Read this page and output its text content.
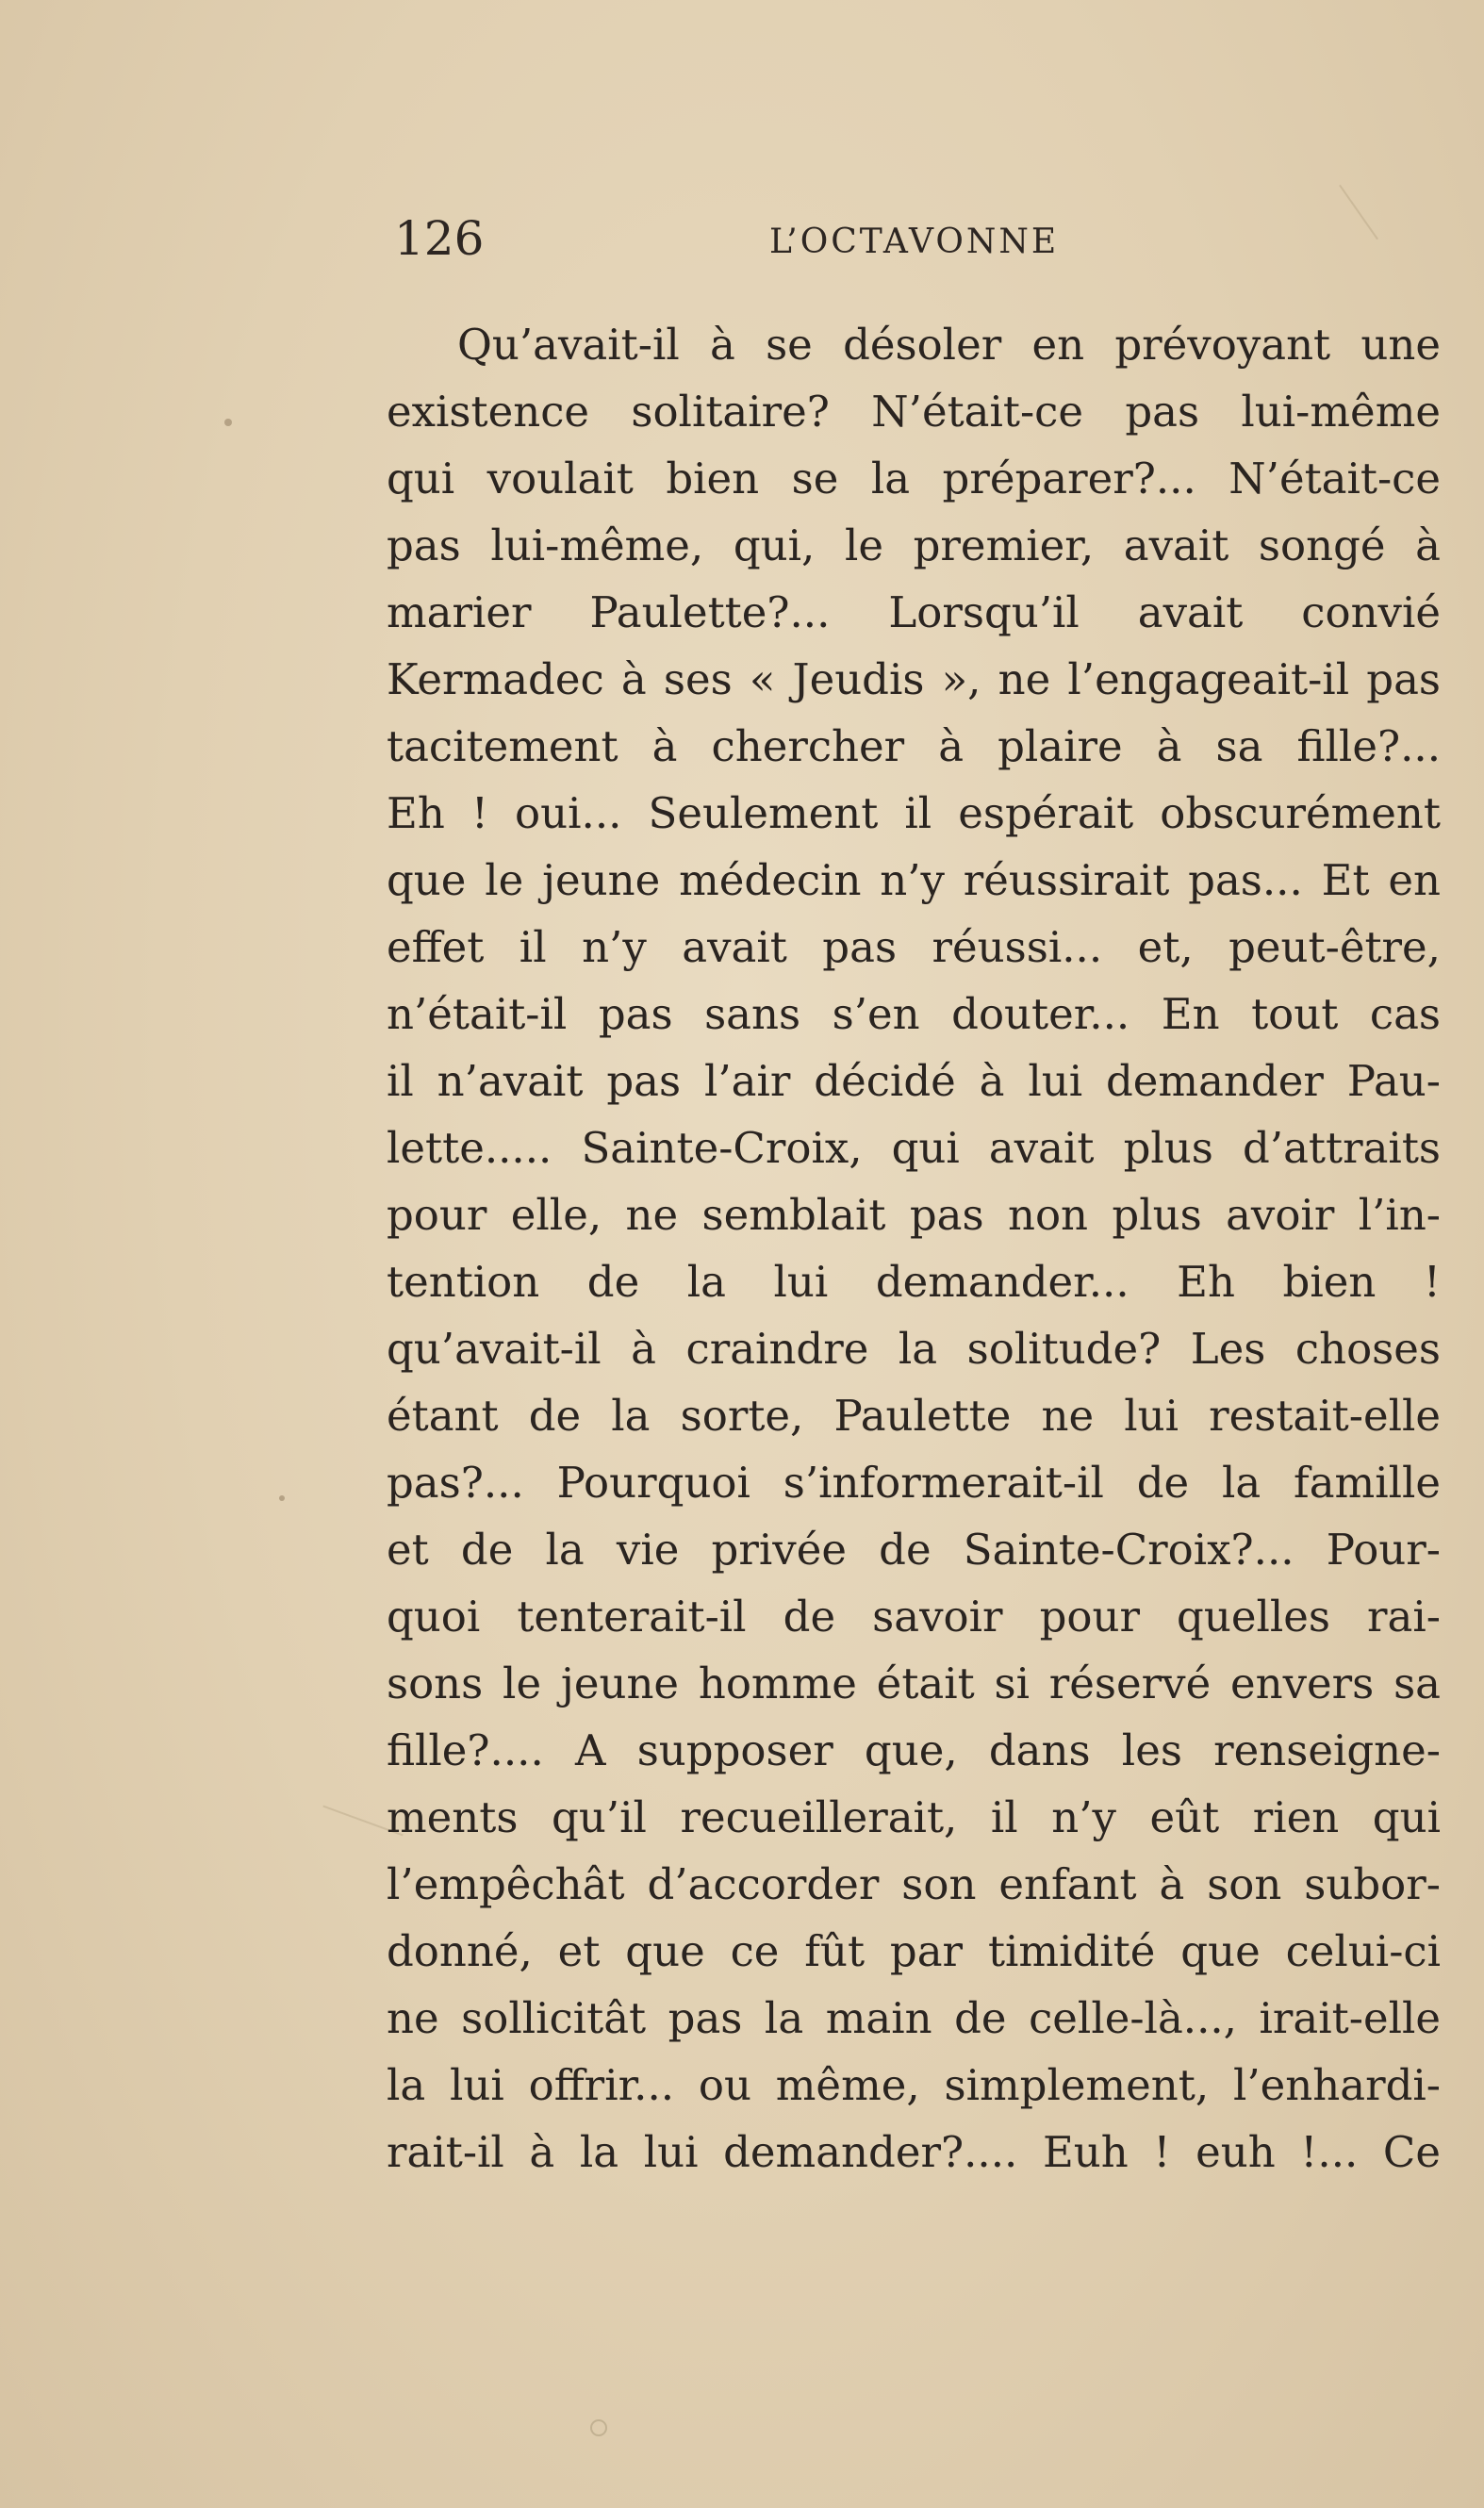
126	L’OCTAVONNE
Qu’avait-il à se désoler en prévoyant une
existence solitaire? N’était-ce pas lui-même
qui voulait bien se la préparer?... N’était-ce
pas lui-même, qui, le premier, avait songé à
marier Paulette?... Lorsqu’il avait convié
Kermadec à ses « Jeudis », ne l’engageait-il pas
tacitement à chercher à plaire à sa fille?...
Eh ! oui... Seulement il espérait obscurément
que le jeune médecin n’y réussirait pas... Et en
effet il n’y avait pas réussi... et, peut-être,
n’était-il pas sans s’en douter... En tout cas
il n’avait pas l’air décidé à lui demander Pau-
lette..... Sainte-Croix, qui avait plus d’attraits
pour elle, ne semblait pas non plus avoir l’in-
tention de la lui demander... Eh bien !
qu’avait-il à craindre la solitude? Les choses
étant de la sorte, Paulette ne lui restait-elle
pas?... Pourquoi s’informerait-il de la famille
et de la vie privée de Sainte-Croix?... Pour-
quoi tenterait-il de savoir pour quelles rai-
sons le jeune homme était si réservé envers sa
fille?.... A supposer que, dans les renseigne-
ments qu’il recueillerait, il n’y eût rien qui
l’empêchât d’accorder son enfant à son subor-
donné, et que ce fût par timidité que celui-ci
ne sollicitât pas la main de celle-là..., irait-elle
la lui offrir... ou même, simplement, l’enhardi-
rait-il à la lui demander?.... Euh ! euh !... Ce
